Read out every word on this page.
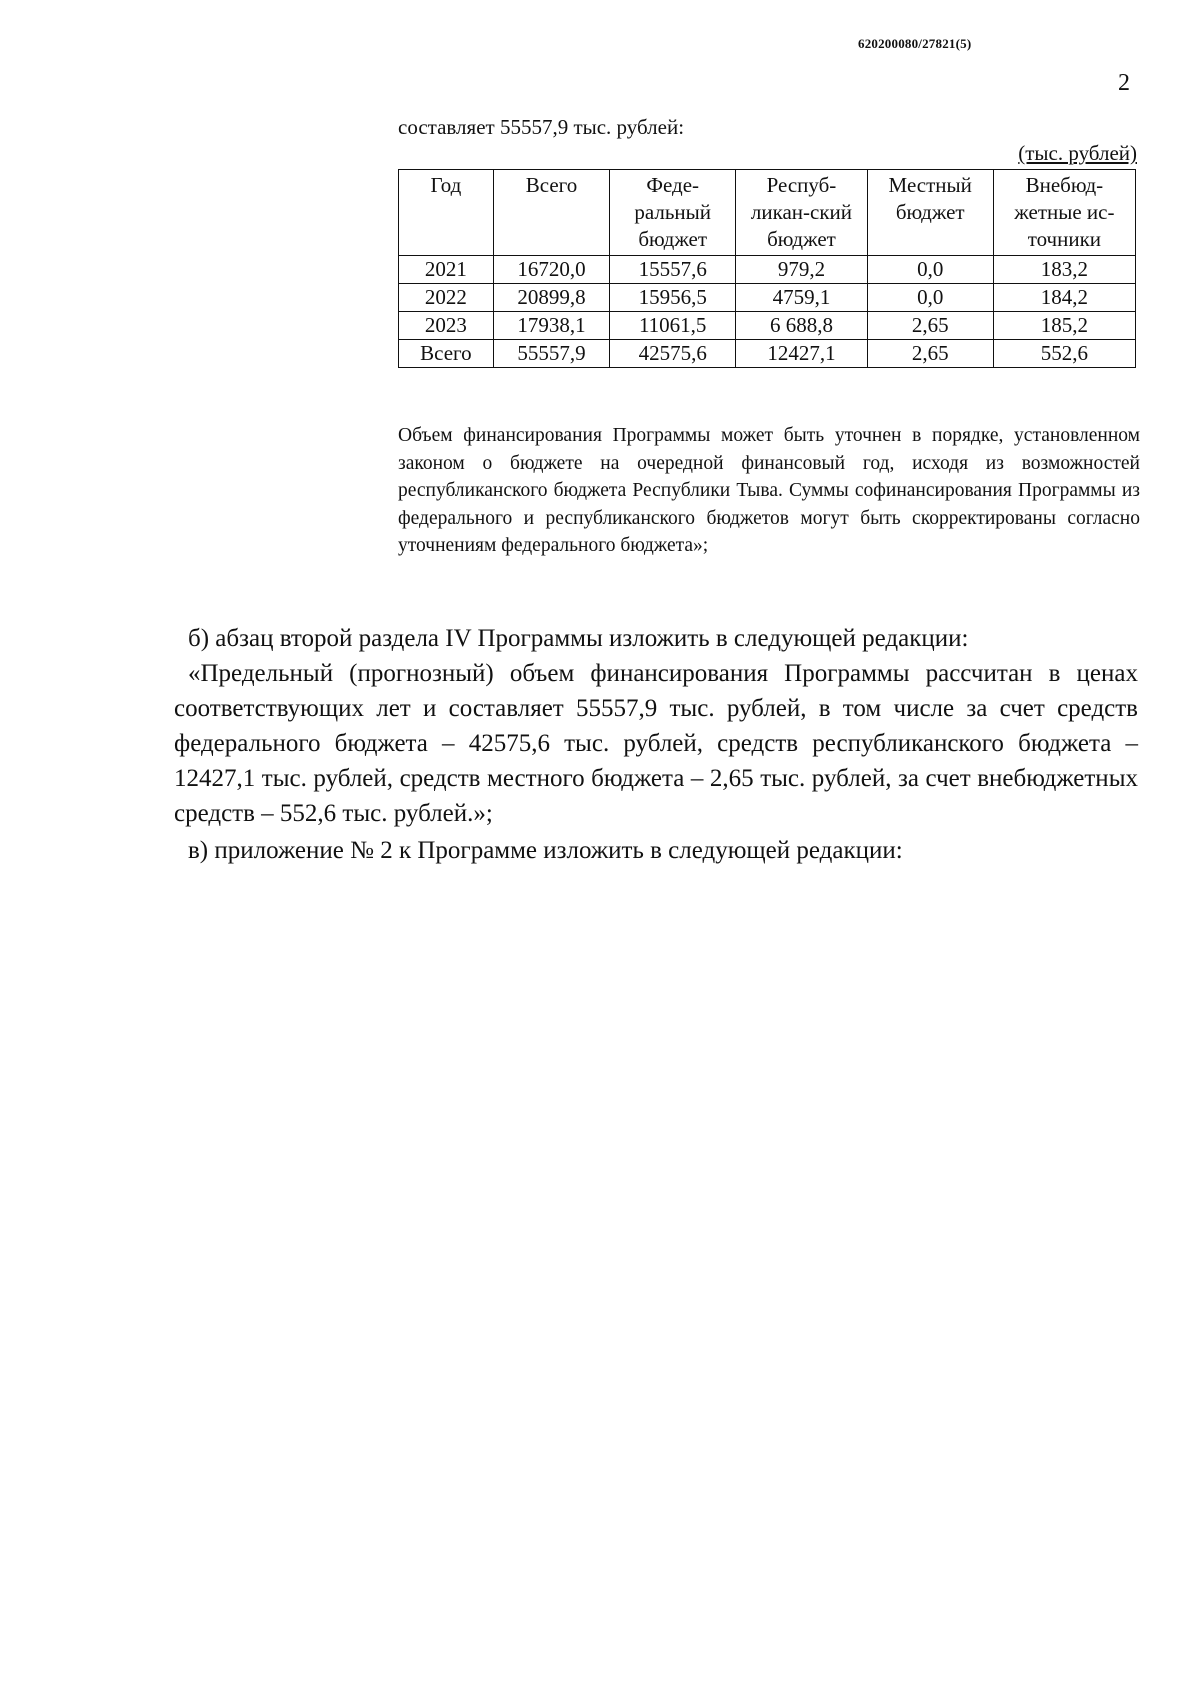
620200080/27821(5)
2
составляет 55557,9 тыс. рублей:
(тыс. рублей)
Год	Всего	Феде-ральный бюджет	Респуб-ликан-ский бюджет	Местный бюджет	Внебюд-жетные ис-точники
2021	16720,0	15557,6	979,2	0,0	183,2
2022	20899,8	15956,5	4759,1	0,0	184,2
2023	17938,1	11061,5	6 688,8	2,65	185,2
Всего	55557,9	42575,6	12427,1	2,65	552,6
Объем финансирования Программы может быть уточнен в порядке, установленном законом о бюджете на очередной финансовый год, исходя из возможностей республиканского бюджета Республики Тыва. Суммы софинансирования Программы из федерального и республиканского бюджетов могут быть скорректированы согласно уточнениям федерального бюджета»;
б) абзац второй раздела IV Программы изложить в следующей редакции:
«Предельный (прогнозный) объем финансирования Программы рассчитан в ценах соответствующих лет и составляет 55557,9 тыс. рублей, в том числе за счет средств федерального бюджета – 42575,6 тыс. рублей, средств республиканского бюджета – 12427,1 тыс. рублей, средств местного бюджета – 2,65 тыс. рублей, за счет внебюджетных средств – 552,6 тыс. рублей.»;
в) приложение № 2 к Программе изложить в следующей редакции:
